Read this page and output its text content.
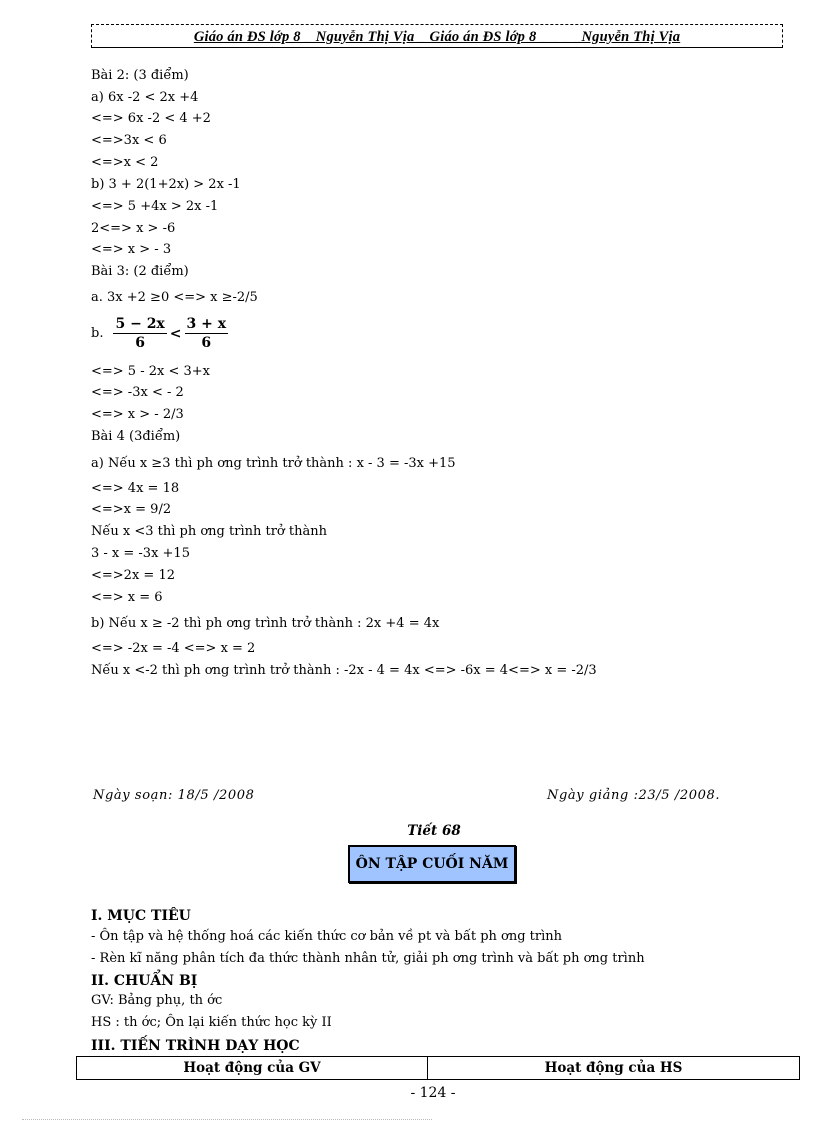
Giáo án ĐS lớp 8 _ Nguyễn Thị Vịa _ Giáo án ĐS lớp 8 _ _ _ _Nguyễn Thị Vịa
Bài 2: (3 điểm)
a) 6x -2 < 2x +4
<=> 6x -2 < 4 +2
<=>3x < 6
<=>x < 2
b) 3 + 2(1+2x) > 2x -1
<=> 5 +4x > 2x -1
2<=> x > -6
<=> x > - 3
Bài 3: (2 điểm)
a. 3x +2 ≥0 <=> x ≥-2/5
b. $\frac{5 - 2x}{6} < \frac{3 + x}{6}$
<=> 5 - 2x < 3+x
<=> -3x < - 2
<=> x > - 2/3
Bài 4 (3điểm)
a) Nếu x ≥3 thì ph ơng trình trở thành : x - 3 = -3x +15
<=> 4x = 18
<=>x = 9/2
Nếu x <3 thì ph ơng trình trở thành
3 - x = -3x +15
<=>2x = 12
<=> x = 6
b) Nếu x ≥ -2 thì ph ơng trình trở thành : 2x +4 = 4x
<=> -2x = -4 <=> x = 2
Nếu x <-2 thì ph ơng trình trở thành : -2x - 4 = 4x <=> -6x = 4<=> x = -2/3
Ngày soạn: 18/5 /2008	Ngày giảng :23/5 /2008.
Tiết 68
ÔN TẬP CUỐI NĂM
I. MỤC TIÊU
- Ôn tập và hệ thống hoá các kiến thức cơ bản về pt và bất ph ơng trình
- Rèn kĩ năng phân tích đa thức thành nhân tử, giải ph ơng trình và bất ph ơng trình
II. CHUẨN BỊ
GV: Bảng phụ, th ớc
HS : th ớc; Ôn lại kiến thức học kỳ II
III. TIẾN TRÌNH DẠY HỌC
Hoạt động của GV	Hoạt động của HS
- 124 -
